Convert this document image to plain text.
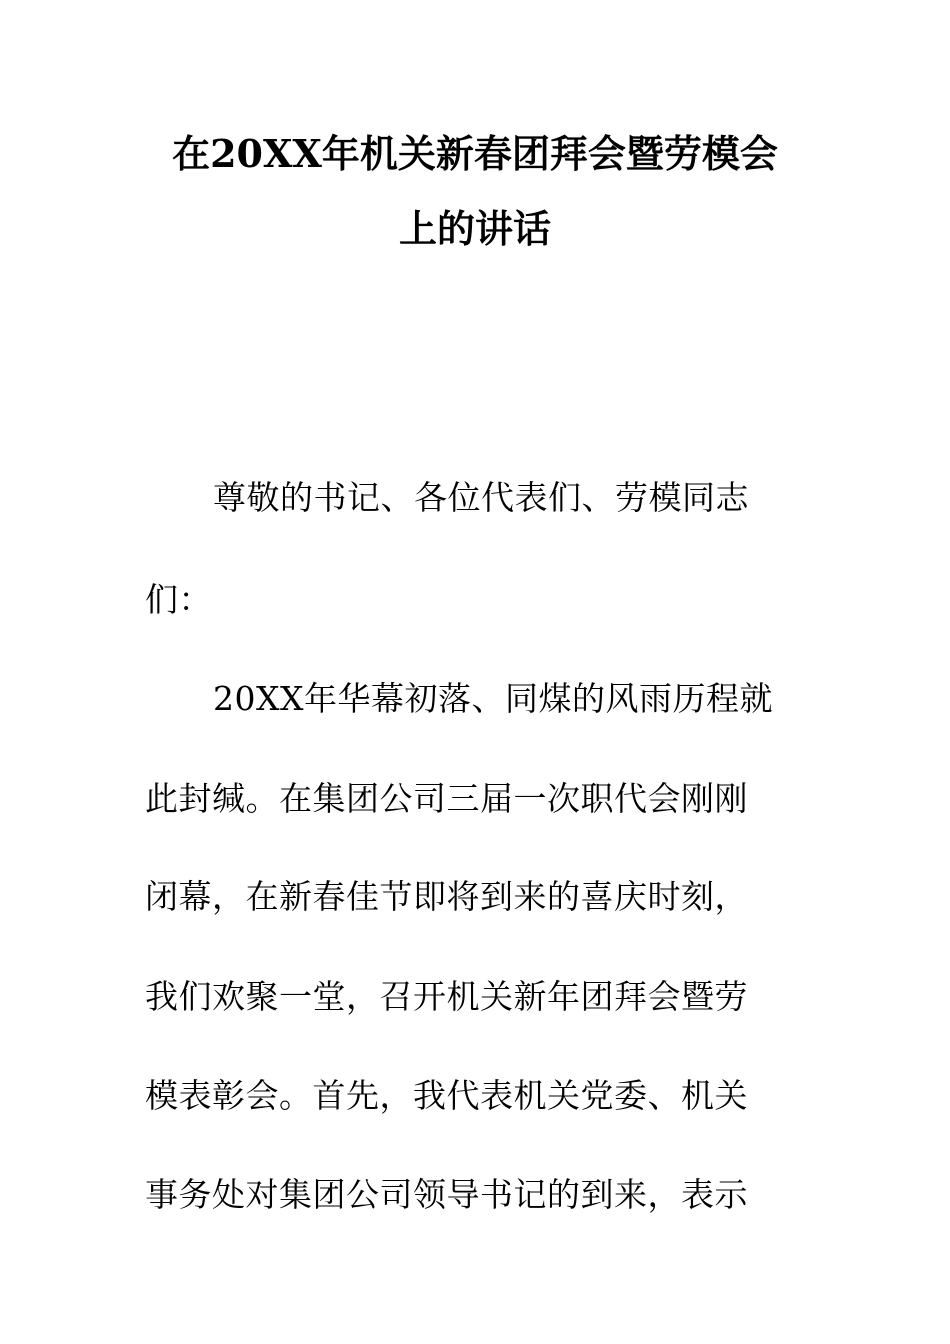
在20XX年机关新春团拜会暨劳模会
上的讲话
尊敬的书记、各位代表们、劳模同志
们：
20XX年华幕初落、同煤的风雨历程就
此封缄。在集团公司三届一次职代会刚刚
闭幕，在新春佳节即将到来的喜庆时刻，
我们欢聚一堂，召开机关新年团拜会暨劳
模表彰会。首先，我代表机关党委、机关
事务处对集团公司领导书记的到来，表示
